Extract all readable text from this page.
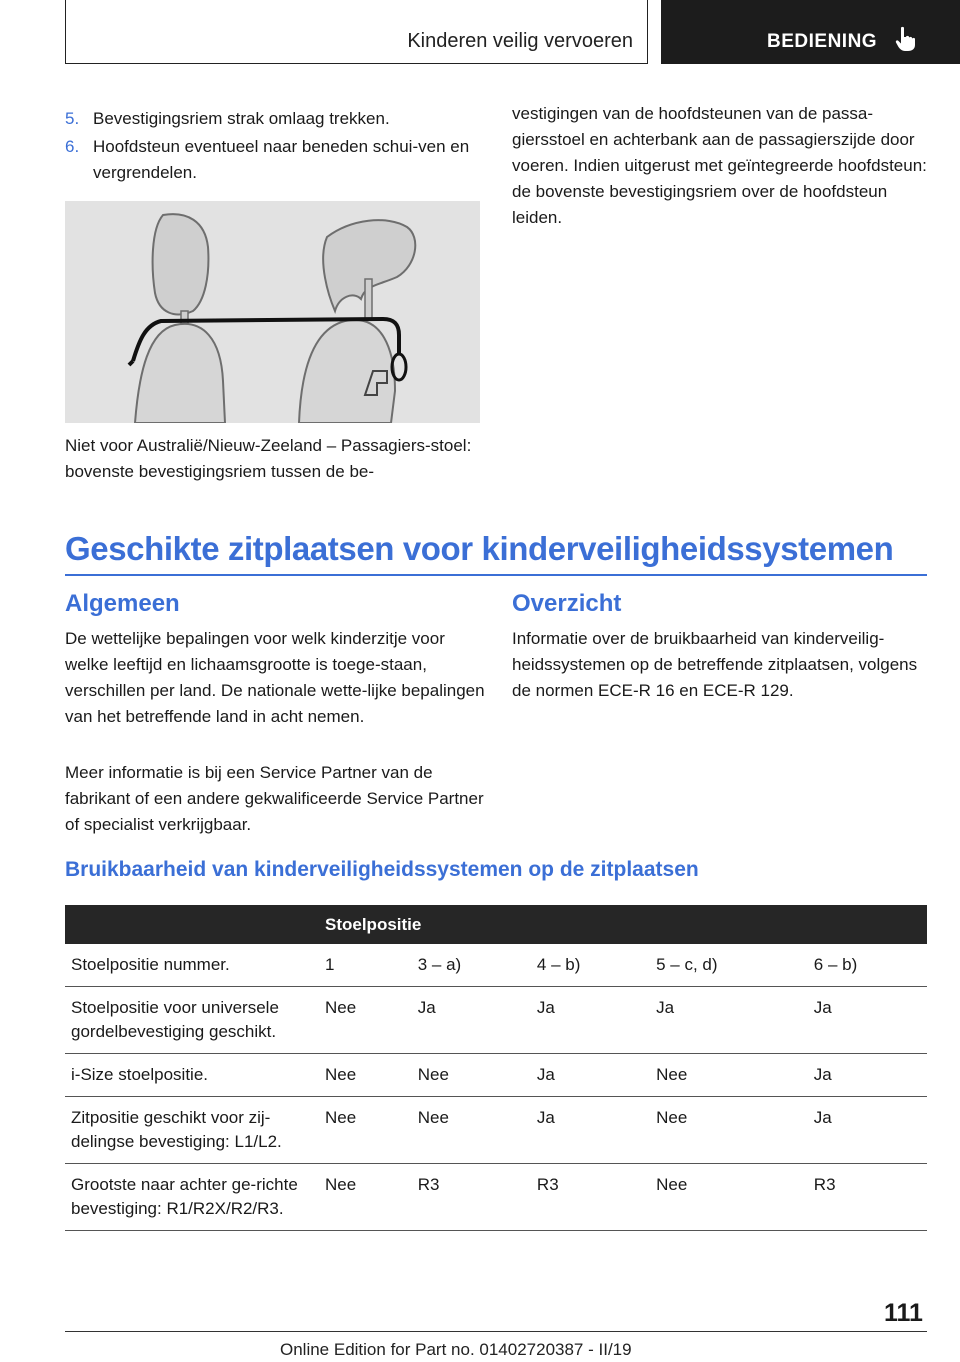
Kinderen veilig vervoeren	BEDIENING
5. Bevestigingsriem strak omlaag trekken.
6. Hoofdsteun eventueel naar beneden schui-ven en vergrendelen.
Niet voor Australië/Nieuw-Zeeland – Passagiers-stoel: bovenste bevestigingsriem tussen de be-
vestigingen van de hoofdsteunen van de passa-giersstoel en achterbank aan de passagierszijde door voeren. Indien uitgerust met geïntegreerde hoofdsteun: de bovenste bevestigingsriem over de hoofdsteun leiden.
Geschikte zitplaatsen voor kinderveiligheidssystemen
Algemeen
De wettelijke bepalingen voor welk kinderzitje voor welke leeftijd en lichaamsgrootte is toege-staan, verschillen per land. De nationale wette-lijke bepalingen van het betreffende land in acht nemen.
Meer informatie is bij een Service Partner van de fabrikant of een andere gekwalificeerde Service Partner of specialist verkrijgbaar.
Overzicht
Informatie over de bruikbaarheid van kinderveilig-heidssystemen op de betreffende zitplaatsen, volgens de normen ECE-R 16 en ECE-R 129.
Bruikbaarheid van kinderveiligheidssystemen op de zitplaatsen
	Stoelpositie				
Stoelpositie nummer.	1	3 – a)	4 – b)	5 – c, d)	6 – b)
Stoelpositie voor universele gordelbevestiging geschikt.	Nee	Ja	Ja	Ja	Ja
i-Size stoelpositie.	Nee	Nee	Ja	Nee	Ja
Zitpositie geschikt voor zij-delingse bevestiging: L1/L2.	Nee	Nee	Ja	Nee	Ja
Grootste naar achter ge-richte bevestiging: R1/R2X/R2/R3.	Nee	R3	R3	Nee	R3
111
Online Edition for Part no. 01402720387 - II/19
